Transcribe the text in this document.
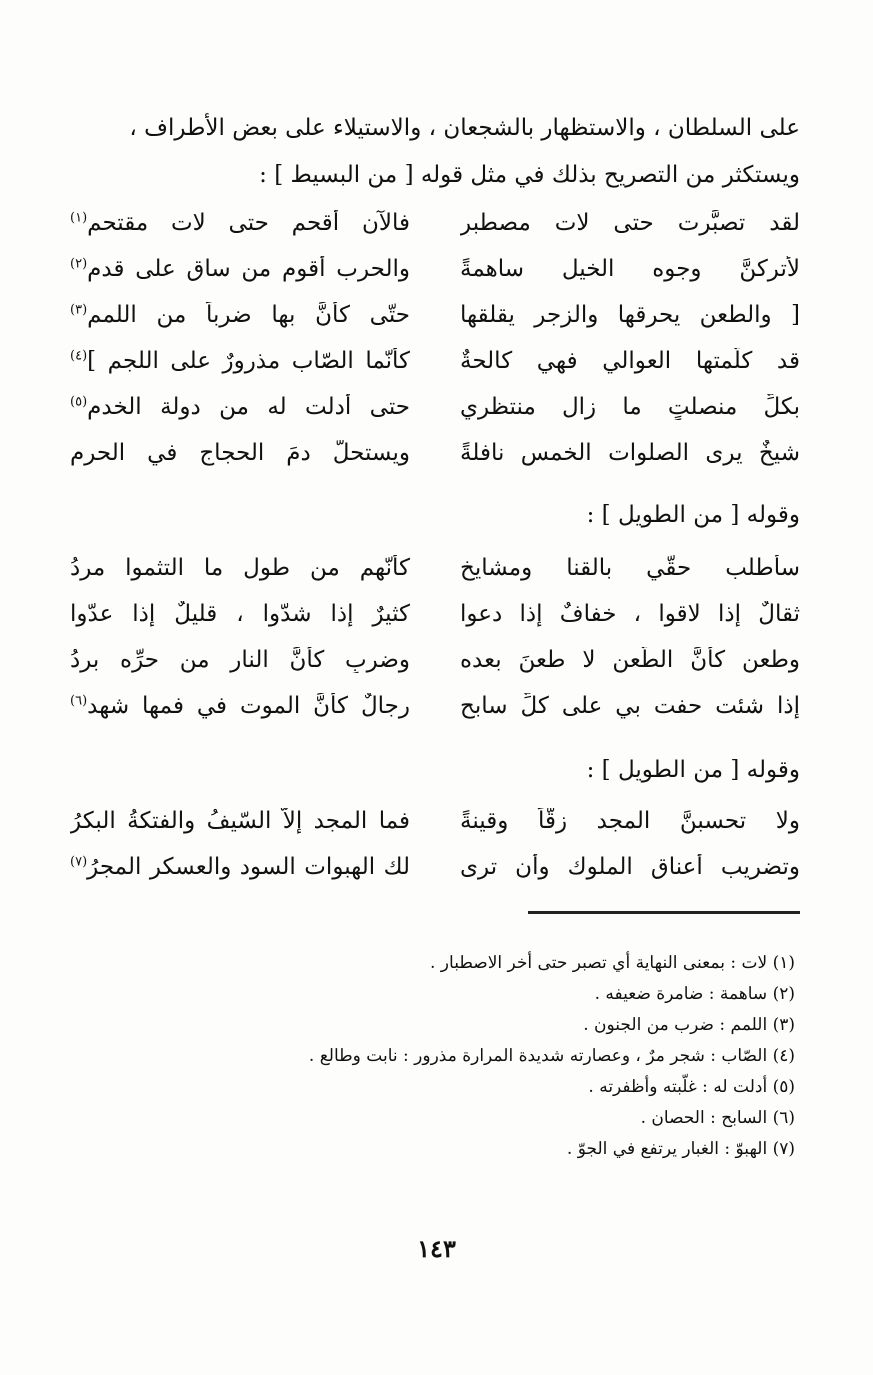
على السلطان ، والاستظهار بالشجعان ، والاستيلاء على بعض الأطراف ،
ويستكثر من التصريح بذلك في مثل قوله [ من البسيط ] :
لقد تصبَّرت حتى لات مصطبرٍ
فالآن أقحم حتى لات مقتحم$^{(١)}$
لأتركنَّ وجوه الخيل ساهمةً
والحرب أقوم من ساقٍ على قدم$^{(٢)}$
[ والطعن يحرقها والزجر يقلقها
حتّى كأنَّ بها ضرباً من اللمم$^{(٣)}$
قد كلّمتها العوالي فهي كالحةٌ
كأنّما الصّاب مذرورٌ على اللجم ]$^{(٤)}$
بكلِّ منصلتٍ ما زال منتظري
حتى أدلت له من دولة الخدم$^{(٥)}$
شيخٌ يرى الصلوات الخمس نافلةً
ويستحلُّ دمَ الحجاج في الحرم
وقوله [ من الطويل ] :
سأطلب حقّي بالقنا ومشايخٍ
كأنّهم من طول ما التثموا مردُ
ثقالٌ إذا لاقوا ، خفافٌ إذا دعوا
كثيرٌ إذا شدّوا ، قليلٌ إذا عدّوا
وطعنٍ كأنَّ الطّعن لا طعنَ بعده
وضربٍ كأنَّ النار من حرِّه بردُ
إذا شئت حفت بي على كلِّ سابحٍ
رجالٌ كأنَّ الموت في فمها شهد$^{(٦)}$
وقوله [ من الطويل ] :
ولا تحسبنَّ المجد زقّاً وقينةً
فما المجد إلاّ السّيفُ والفتكةُ البكرُ
وتضريب أعناق الملوك وأن ترى
لك الهبوات السود والعسكر المجرُ$^{(٧)}$
(١) لات : بمعنى النهاية أي تصبر حتى أخر الاصطبار .
(٢) ساهمة : ضامرة ضعيفه .
(٣) اللمم : ضرب من الجنون .
(٤) الصّاب : شجر مرٌ ، وعصارته شديدة المرارة مذرور : نابت وطالع .
(٥) أدلت له : غلّبته وأظفرته .
(٦) السابح : الحصان .
(٧) الهبوّ : الغبار يرتفع في الجوّ .
١٤٣
